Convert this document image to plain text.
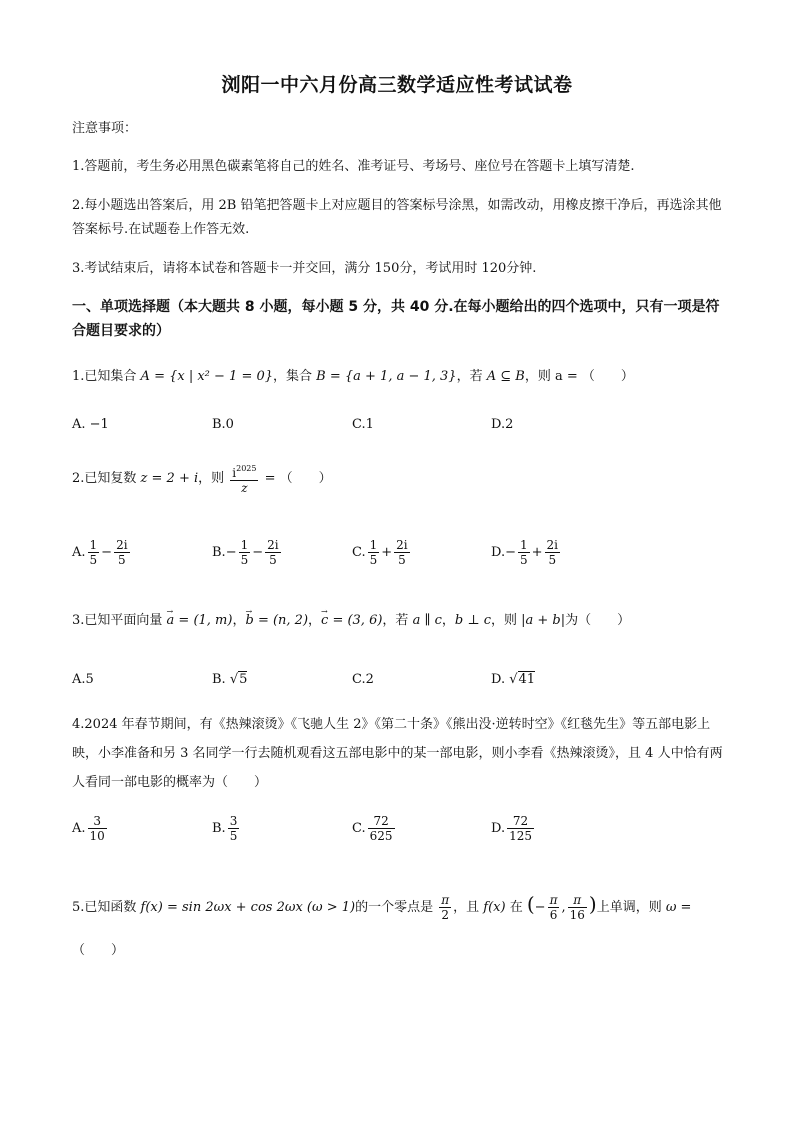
浏阳一中六月份高三数学适应性考试试卷
注意事项：
1.答题前，考生务必用黑色碳素笔将自己的姓名、准考证号、考场号、座位号在答题卡上填写清楚.
2.每小题选出答案后，用 2B 铅笔把答题卡上对应题目的答案标号涂黑，如需改动，用橡皮擦干净后，再选涂其他答案标号.在试题卷上作答无效.
3.考试结束后，请将本试卷和答题卡一并交回，满分 150分，考试用时 120分钟.
一、单项选择题（本大题共 8 小题，每小题 5 分，共 40 分.在每小题给出的四个选项中，只有一项是符合题目要求的）
1.已知集合 A = {x | x² − 1 = 0}，集合 B = {a + 1, a − 1, 3}，若 A ⊆ B，则 a = （　　）
A. −1	B.0	C.1	D.2
2.已知复数 z = 2 + i，则 $\frac{i^{2025}}{z}$ = （　　）
A. $\frac{1}{5} - \frac{2i}{5}$	$B.- \frac{1}{5} - \frac{2i}{5}$	C. $\frac{1}{5} + \frac{2i}{5}$	$D.- \frac{1}{5} + \frac{2i}{5}$
3.已知平面向量 → a = (1, m)，→ b = (n, 2)，→ c = (3, 6)，若 a ∥ c，b ⊥ c，则 |a + b|为（　　）
A.5	B. √5	C.2	D. √41
4.2024 年春节期间，有《热辣滚烫》《飞驰人生 2》《第二十条》《熊出没·逆转时空》《红毯先生》等五部电影上映，小李准备和另 3 名同学一行去随机观看这五部电影中的某一部电影，则小李看《热辣滚烫》，且 4 人中恰有两人看同一部电影的概率为（　　）
A. $\frac{3}{10}$	B. $\frac{3}{5}$	C. $\frac{72}{625}$	D. $\frac{72}{125}$
5.已知函数 f(x) = sin 2ωx + cos 2ωx (ω > 1)的一个零点是 $\frac{\pi}{2}$ ，且 f(x) 在 (− $\frac{\pi}{6}$ , $\frac{\pi}{16}$ )上单调，则 ω =
（　　）
